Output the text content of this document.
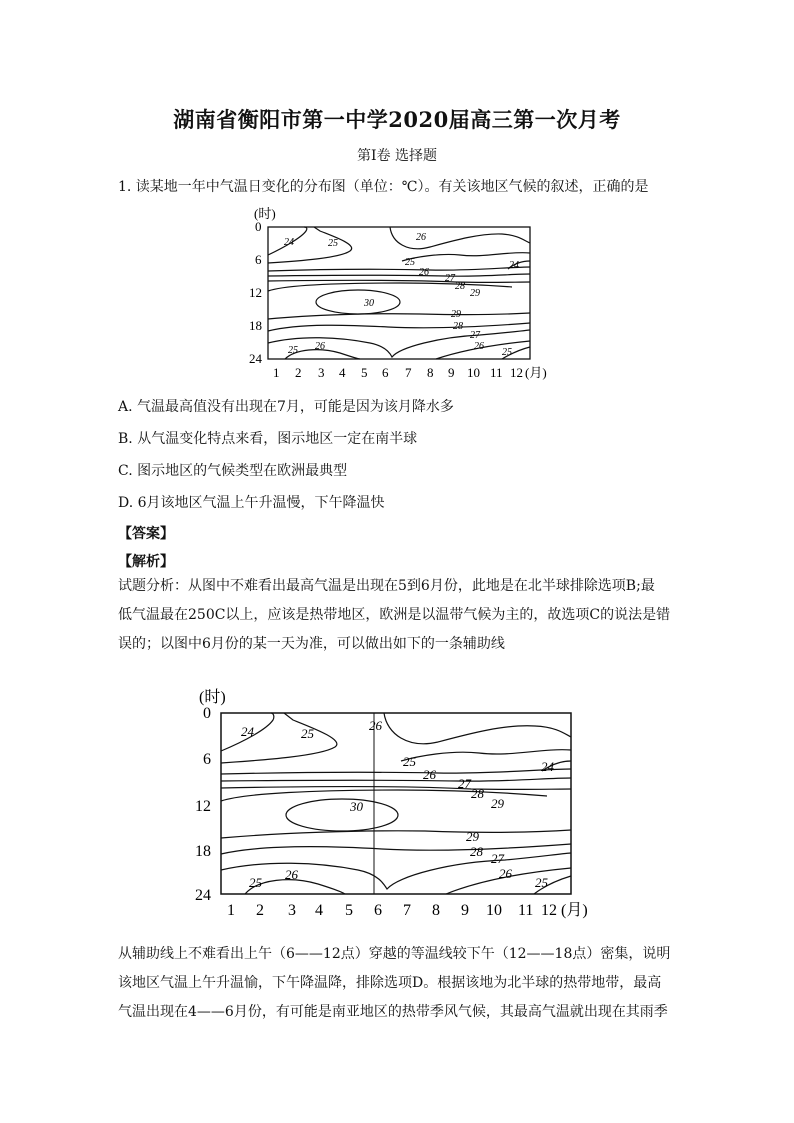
湖南省衡阳市第一中学2020届高三第一次月考
第Ⅰ卷 选择题
1. 读某地一年中气温日变化的分布图（单位：℃）。有关该地区气候的叙述，正确的是
(时)
0
6
12
18
24
1 2 3 4 5 6 7 8 9 10 11 12 (月)
24	25
26
25	24
26
27
28
29
30
29
28
27
26
25 26
25
A. 气温最高值没有出现在7月，可能是因为该月降水多
B. 从气温变化特点来看，图示地区一定在南半球
C. 图示地区的气候类型在欧洲最典型
D. 6月该地区气温上午升温慢，下午降温快
【答案】
【解析】
试题分析：从图中不难看出最高气温是出现在5到6月份，此地是在北半球排除选项B;最
低气温最在250C以上，应该是热带地区，欧洲是以温带气候为主的，故选项C的说法是错
误的；以图中6月份的某一天为准，可以做出如下的一条辅助线
(时)
0
6
12
18
24
1 2 3 4 5 6 7 8 9 10 11 12 (月)
24	25
26
25	24
26
27
28
29
30
29
28 27
26
25
26
25
从辅助线上不难看出上午（6——12点）穿越的等温线较下午（12——18点）密集，说明
该地区气温上午升温愉，下午降温降，排除选项D。根据该地为北半球的热带地带，最高
气温出现在4——6月份，有可能是南亚地区的热带季风气候，其最高气温就出现在其雨季
